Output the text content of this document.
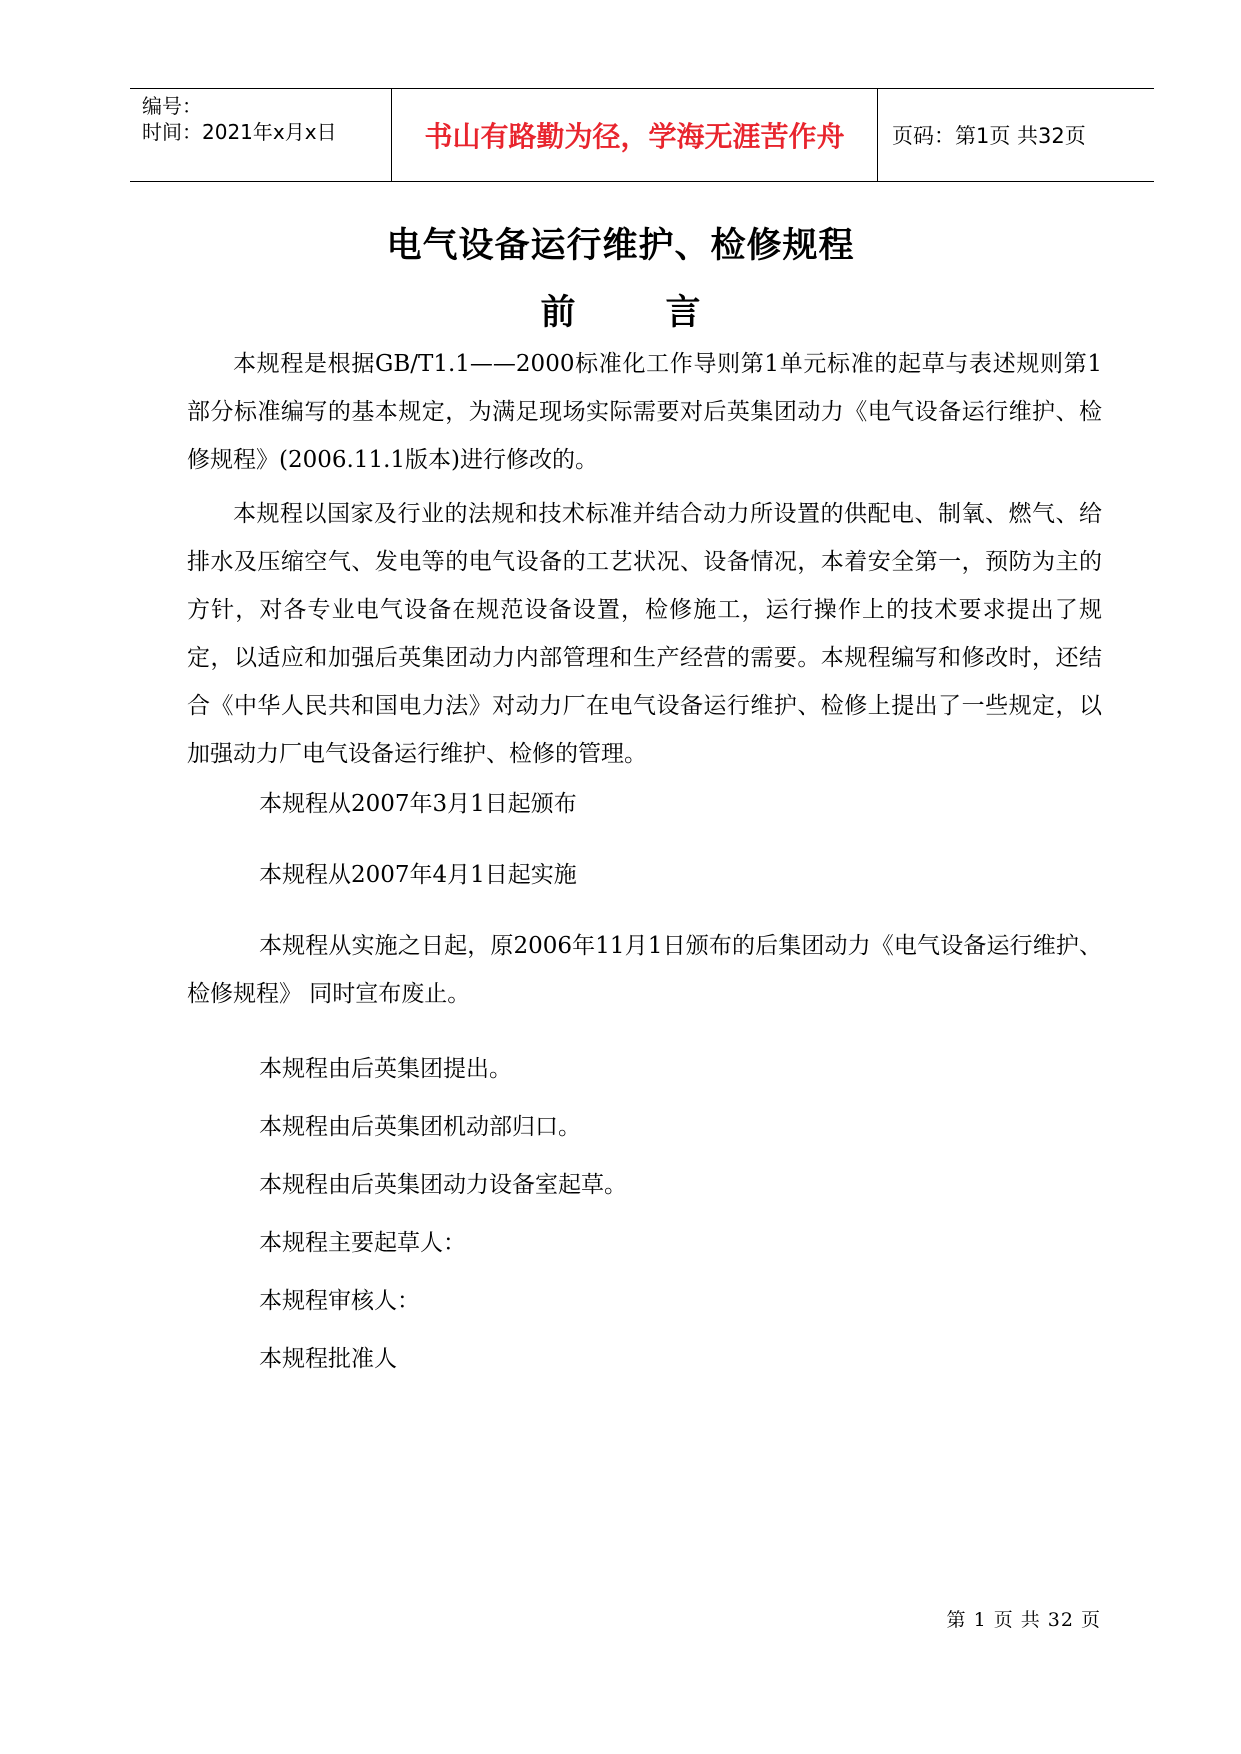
编号：
时间：2021年x月x日	书山有路勤为径，学海无涯苦作舟	页码：第1页 共32页
电气设备运行维护、检修规程
前言

本规程是根据GB/T1.1——2000标准化工作导则第1单元标准的起草与表述规则第1部分标准编写的基本规定，为满足现场实际需要对后英集团动力《电气设备运行维护、检修规程》(2006.11.1版本)进行修改的。

本规程以国家及行业的法规和技术标准并结合动力所设置的供配电、制氧、燃气、给排水及压缩空气、发电等的电气设备的工艺状况、设备情况，本着安全第一，预防为主的方针，对各专业电气设备在规范设备设置，检修施工，运行操作上的技术要求提出了规定，以适应和加强后英集团动力内部管理和生产经营的需要。本规程编写和修改时，还结合《中华人民共和国电力法》对动力厂在电气设备运行维护、检修上提出了一些规定，以加强动力厂电气设备运行维护、检修的管理。

本规程从2007年3月1日起颁布

本规程从2007年4月1日起实施

本规程从实施之日起，原2006年11月1日颁布的后集团动力《电气设备运行维护、检修规程》 同时宣布废止。

本规程由后英集团提出。

本规程由后英集团机动部归口。

本规程由后英集团动力设备室起草。

本规程主要起草人：

本规程审核人：

本规程批准人

第 1 页 共 32 页
